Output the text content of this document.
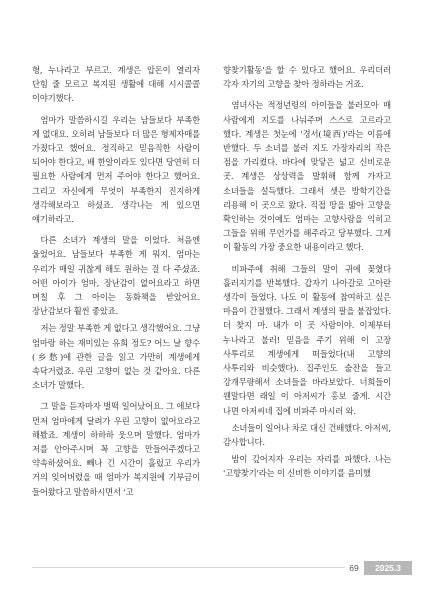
형, 누나라고 부르고. 계생은 압돈이 열리자 단힘 줄 모르고 복지된 생활에 대해 시시콜콜 이야기했다.

엄마가 말씀하시길 우리는 남들보다 부족한 게 없대요. 오히려 남들보다 더 많은 형제자매를 가졌다고 했어요. 정직하고 믿음직한 사람이 되어야 한다고, 배 한알이라도 있다면 당연히 더 필요한 사람에게 먼저 주어야 한다고 했어요. 그리고 자신에게 무엇이 부족한지 진지하게 생각해보라고 하셨죠. 생각나는 게 있으면 얘기하라고.

다른 소녀가 계생의 말을 이었다. 처음엔 울었어요. 남들보다 부족한 게 뭐지. 엄마는 우리가 매일 귀찮게 해도 원하는 걸 다 주셨죠. 어떤 아이가 엄마, 장난감이 없어요라고 하면 며칠 후 그 아이는 동화책을 받았어요. 장난감보다 훨씬 좋았죠.

저는 정말 부족한 게 없다고 생각했어요. 그냥 엄마랑 하는 재미있는 유희 정도? 어느 날 향수(乡愁)에 관한 글을 읽고 가만히 계생에게 속닥거렸죠. 우린 고향이 없는 것 같아요. 다른 소녀가 말했다.

그 말을 듣자마자 벌떡 일어났어요. 그 애보다 먼저 엄마에게 달려가 우린 고향이 없어요라고 해봤죠. 계생이 하하하 웃으며 말했다. 엄마가 저를 안아주시며 꼭 고향을 만들어주겠다고 약속하셨어요. 빼나 긴 시간이 흘렀고 우리가 거의 잊어버렸을 때 엄마가 복지원에 기부금이 들어왔다고 말씀하시면서 '고

향찾기활동'을 할 수 있다고 했어요. 우리더러 각자 자기의 고향을 찾아 정하라는 거죠.

염녀사는 적정년령의 아이들을 불러모아 매 사람에게 지도를 나눠주며 스스로 고르라고 했다. 계생은 첫눈에 '경서(境西)'라는 이름에 반했다. 두 소녀를 불러 지도 가장자리의 작은 점을 가리켰다. 바다에 맞닿은 넓고 신비로운 곳. 계생은 상상력을 발휘해 함께 가자고 소녀들을 설득했다. 그래서 셋은 방학기간을 리용해 이 곳으로 왔다. 직접 땅을 밟아 고향을 확인하는 것이예도 엄마는 고향사람을 익히고 그들을 위해 무언가를 해주라고 당부했다. 그게 이 활동의 가장 중요한 내용이라고 했다.

비파주에 취해 그들의 말이 귀에 꽂혔다 흘러지기를 반복했다. 갑자기 나아갈로 고아란 생각이 들었다. 나도 이 활동에 참여하고 싶은 마음이 간절했다. 그래서 계생의 팔을 붙잡았다. 더 찾지 마. 내가 이 곳 사람이야. 이제부터 누나라고 불러! 믿음을 주기 위해 이 고장 사투리로 계생에게 떠들었다(내 고향의 사투리와 비슷했다). 집주인도 술잔을 들고 강개무량해서 소녀들을 바라보았다. 너희들이 웬말다면 래일 이 아저씨가 홍보 줄게. 시간 나면 아저씨네 집에 비파주 마시러 와.

소녀들이 일어나 차로 대신 건배했다. 아저씨, 감사합니다.

밤이 깊어지자 우리는 자리를 파했다. 나는 '고향찾기'라는 이 신비한 이야기를 음미했

69	2025.3
